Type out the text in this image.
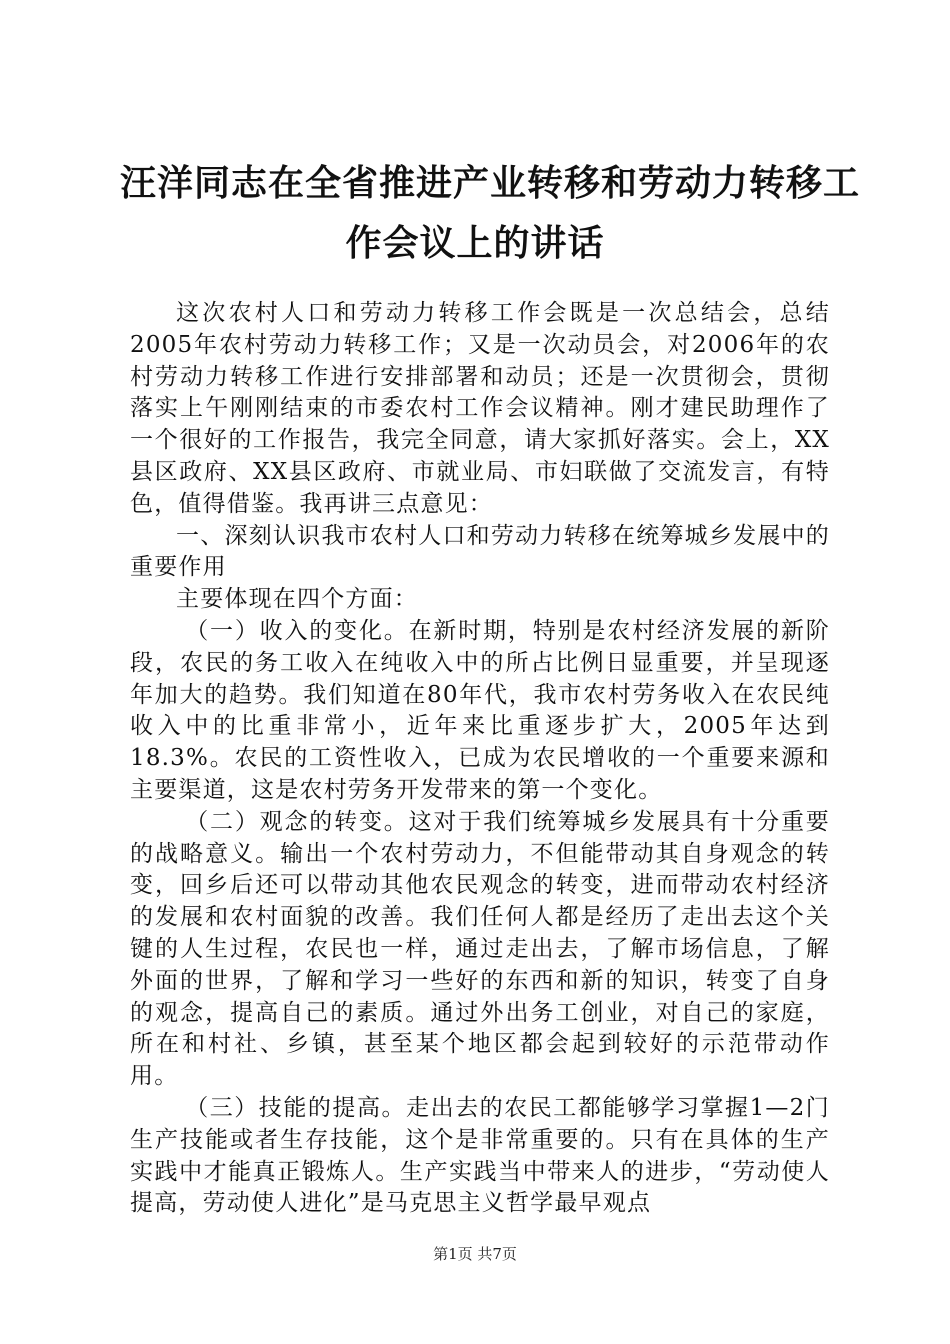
汪洋同志在全省推进产业转移和劳动力转移工
作会议上的讲话

这次农村人口和劳动力转移工作会既是一次总结会，总结2005年农村劳动力转移工作；又是一次动员会，对2006年的农村劳动力转移工作进行安排部署和动员；还是一次贯彻会，贯彻落实上午刚刚结束的市委农村工作会议精神。刚才建民助理作了一个很好的工作报告，我完全同意，请大家抓好落实。会上，XX县区政府、XX县区政府、市就业局、市妇联做了交流发言，有特色，值得借鉴。我再讲三点意见：

一、深刻认识我市农村人口和劳动力转移在统筹城乡发展中的重要作用

主要体现在四个方面：

（一）收入的变化。在新时期，特别是农村经济发展的新阶段，农民的务工收入在纯收入中的所占比例日显重要，并呈现逐年加大的趋势。我们知道在80年代，我市农村劳务收入在农民纯收入中的比重非常小，近年来比重逐步扩大，2005年达到18.3%。农民的工资性收入，已成为农民增收的一个重要来源和主要渠道，这是农村劳务开发带来的第一个变化。

（二）观念的转变。这对于我们统筹城乡发展具有十分重要的战略意义。输出一个农村劳动力，不但能带动其自身观念的转变，回乡后还可以带动其他农民观念的转变，进而带动农村经济的发展和农村面貌的改善。我们任何人都是经历了走出去这个关键的人生过程，农民也一样，通过走出去，了解市场信息，了解外面的世界，了解和学习一些好的东西和新的知识，转变了自身的观念，提高自己的素质。通过外出务工创业，对自己的家庭，所在和村社、乡镇，甚至某个地区都会起到较好的示范带动作用。

（三）技能的提高。走出去的农民工都能够学习掌握1—2门生产技能或者生存技能，这个是非常重要的。只有在具体的生产实践中才能真正锻炼人。生产实践当中带来人的进步，“劳动使人提高，劳动使人进化”是马克思主义哲学最早观点

第1页 共7页
